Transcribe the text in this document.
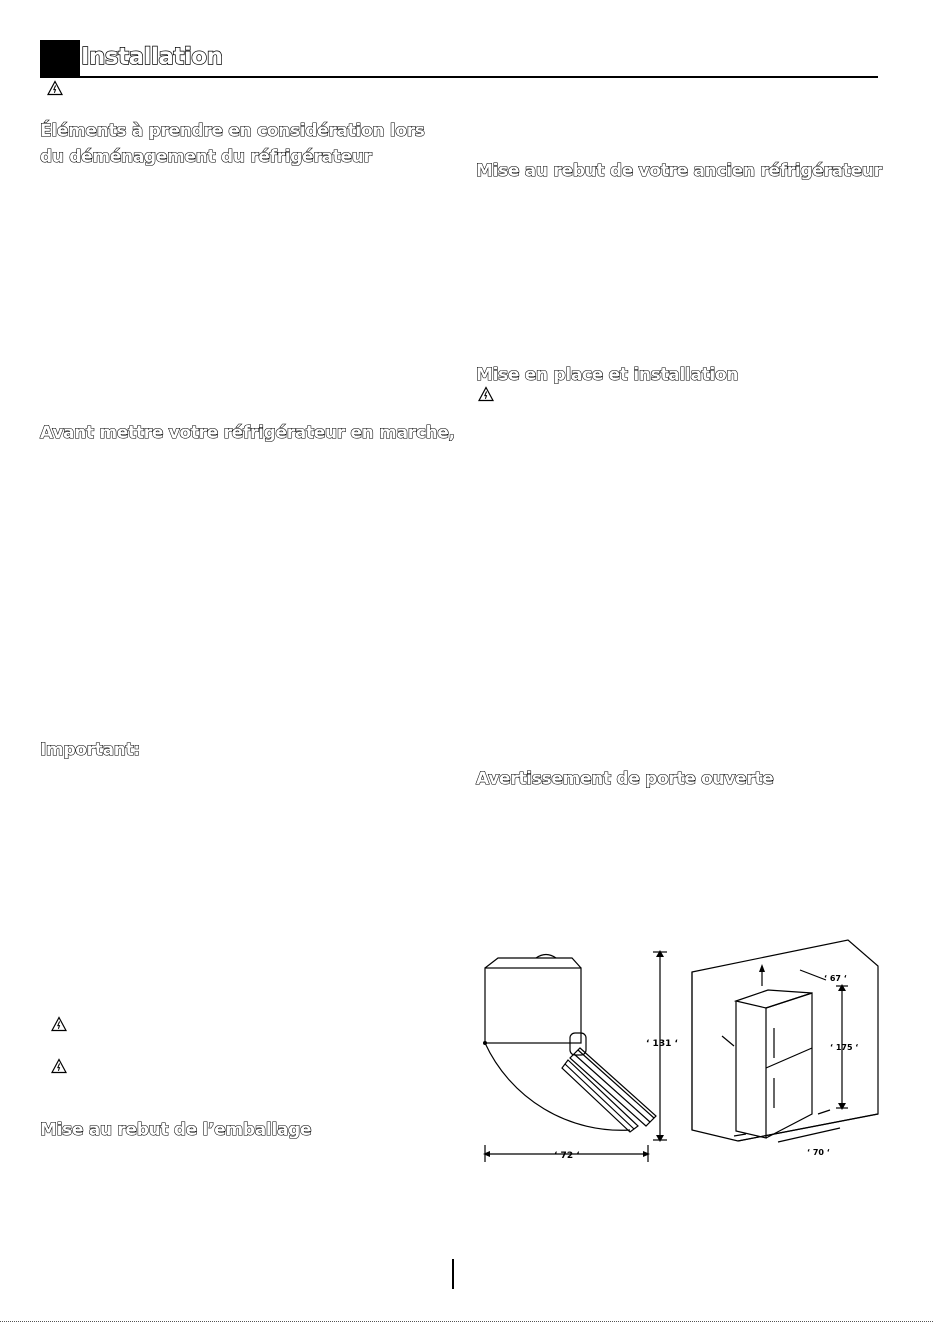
Installation
Éléments à prendre en considération lors du déménagement du réfrigérateur
Avant mettre votre réfrigérateur en marche,
Important:
Mise au rebut de l’emballage
Mise au rebut de votre ancien réfrigérateur
Mise en place et installation
Avertissement de porte ouverte
‘ 131 ‘
‘ 72 ‘
‘ 67 ‘
‘ 175 ‘
‘ 70 ‘
